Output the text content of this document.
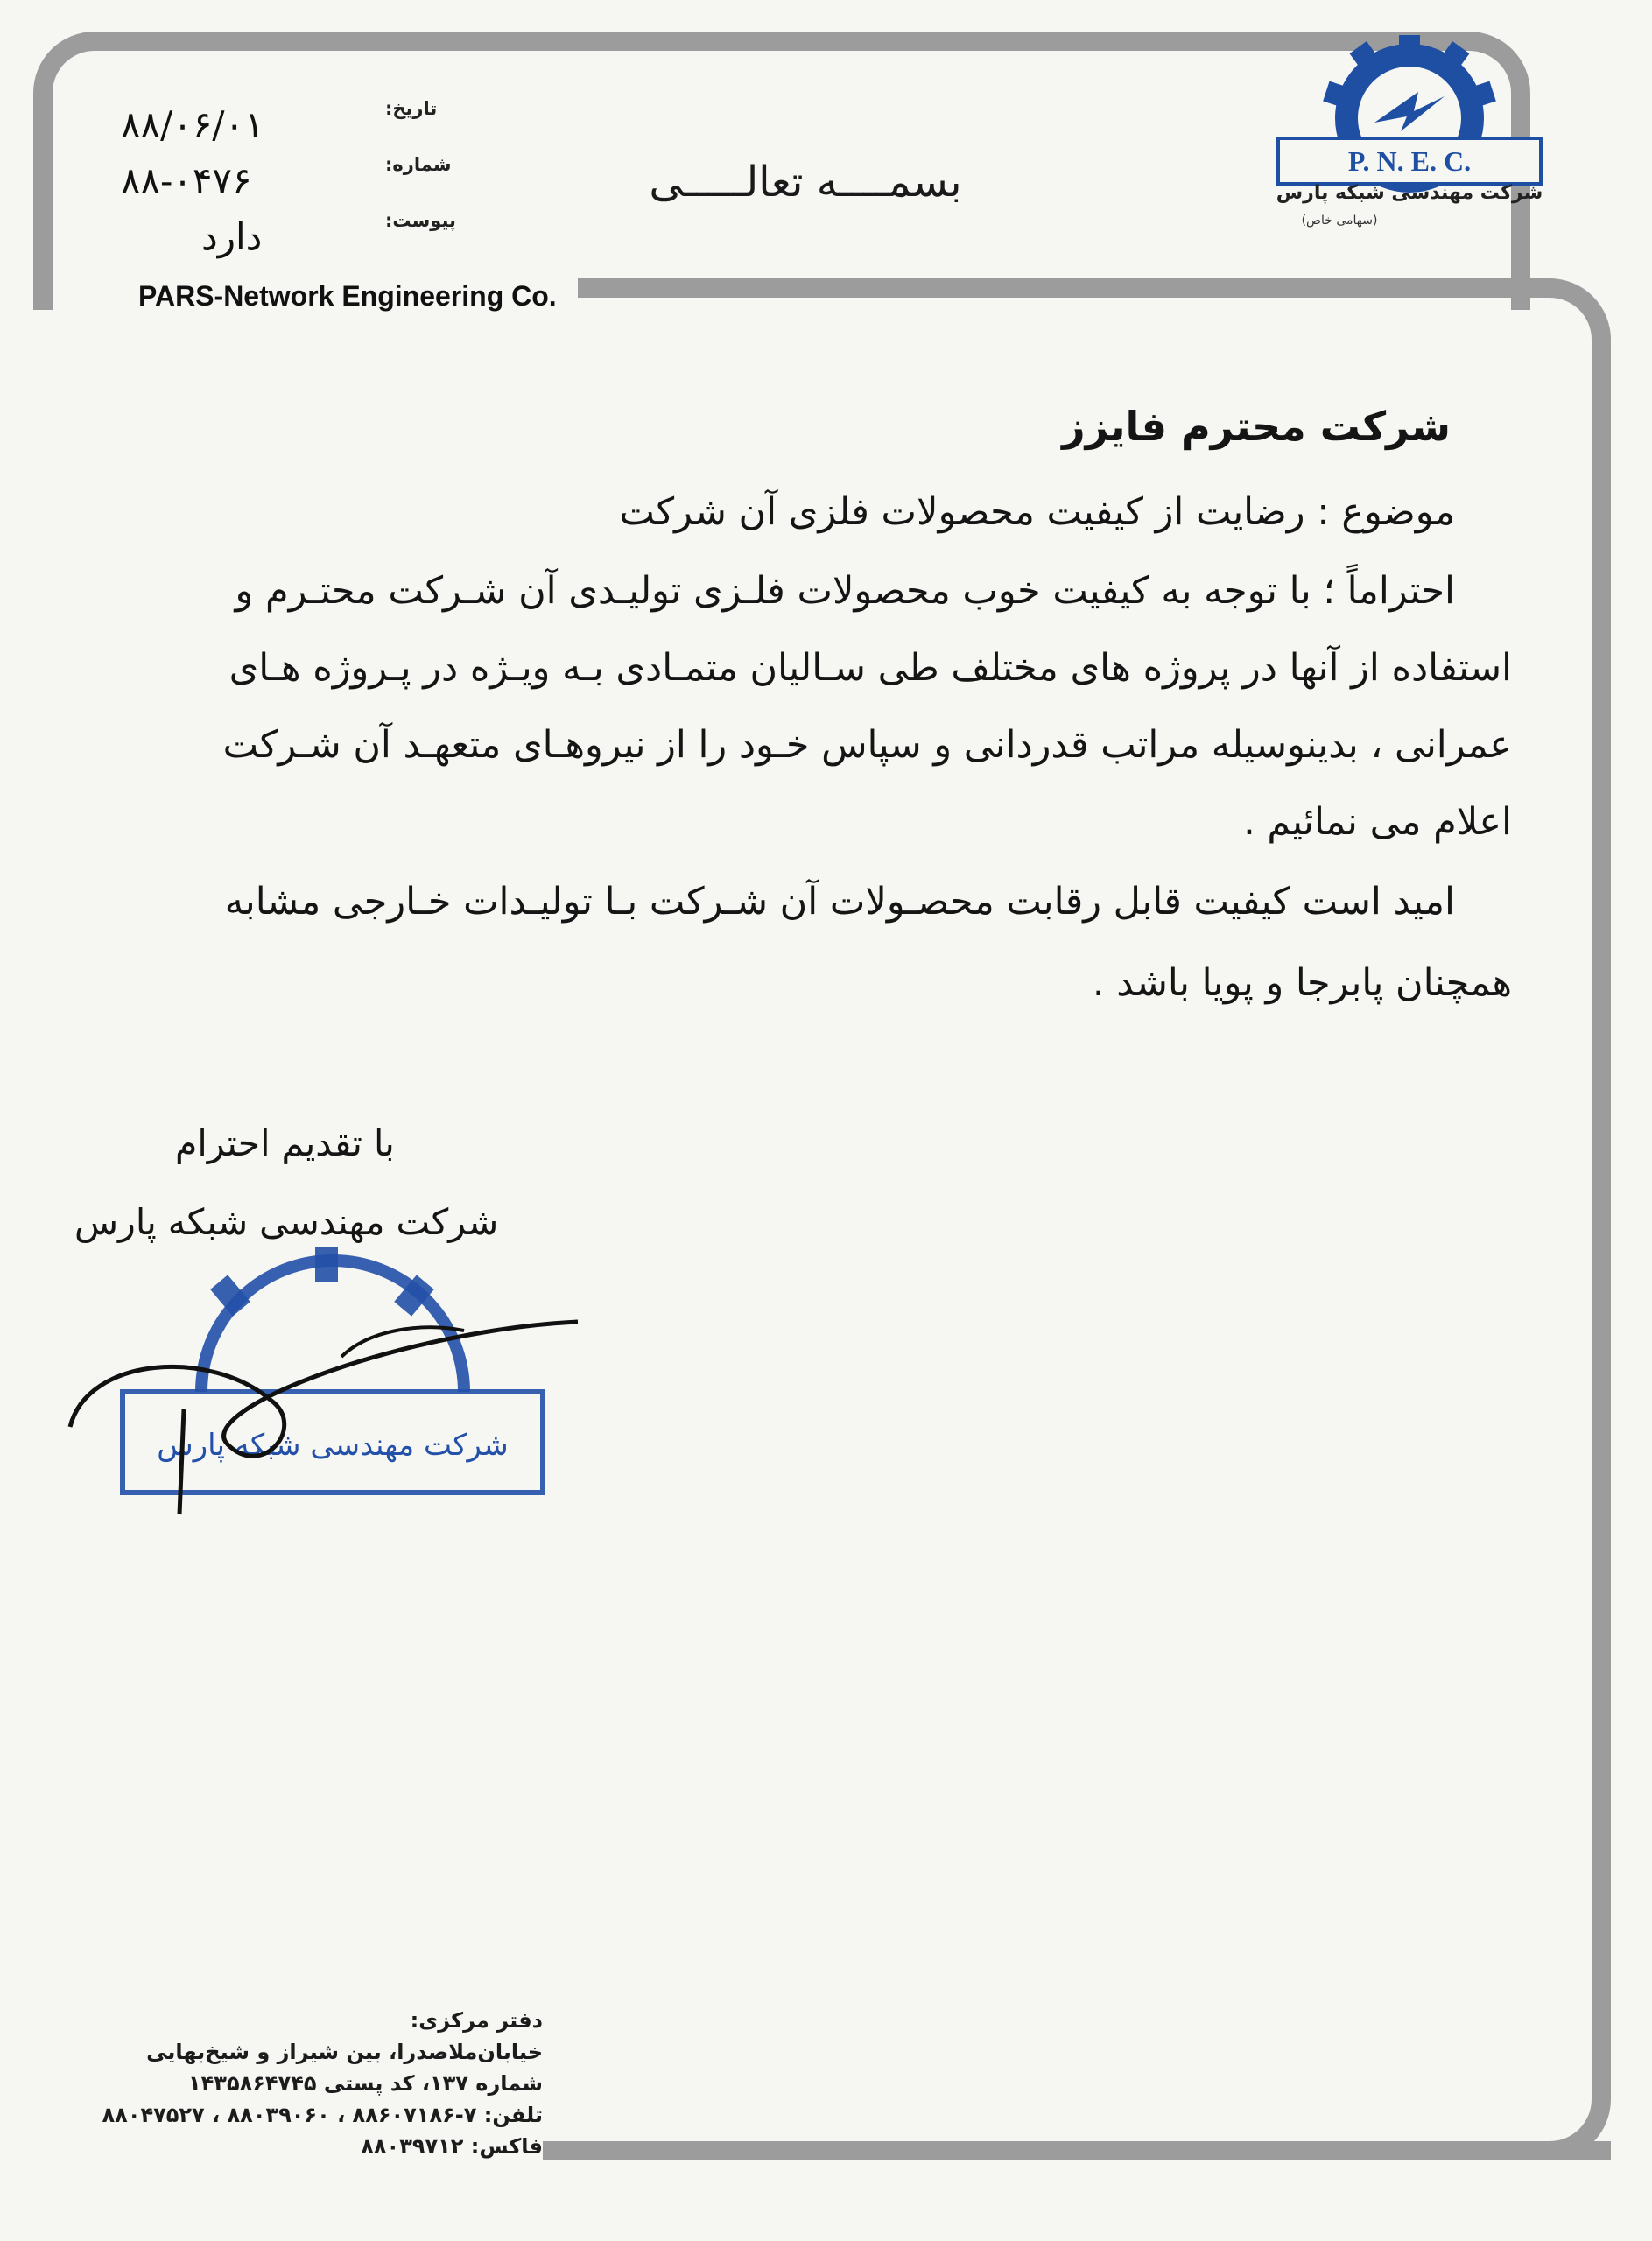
PARS-Network Engineering Co.
P. N. E. C.
شرکت مهندسی شبکه پارس
(سهامی خاص)
بسمــــه تعالـــــی
تاریخ:
شماره:
پیوست:
۸۸/۰۶/۰۱
۸۸-۰۴۷۶
دارد
شرکت محترم فایزز
موضوع : رضایت از کیفیت محصولات فلزی آن شرکت
احتراماً ؛ با توجه به کیفیت خوب محصولات فلـزی تولیـدی آن شـرکت محتـرم و
استفاده از آنها در پروژه های مختلف طی سـالیان متمـادی بـه ویـژه در پـروژه هـای
عمرانی ، بدینوسیله مراتب قدردانی و سپاس خـود را از نیروهـای متعهـد آن شـرکت
اعلام می نمائیم .
امید است کیفیت قابل رقابت محصـولات آن شـرکت بـا تولیـدات خـارجی مشابه
همچنان پابرجا و پویا باشد .
با تقدیم احترام
شرکت مهندسی شبکه پارس
شرکت مهندسی شبکه پارس
دفتر مرکزی:
خیابان‌ملاصدرا، بین شیراز و شیخ‌بهایی
شماره ۱۳۷، کد پستی ۱۴۳۵۸۶۴۷۴۵
تلفن: ۷-۸۸۶۰۷۱۸۶ ، ۸۸۰۳۹۰۶۰ ، ۸۸۰۴۷۵۲۷
فاکس: ۸۸۰۳۹۷۱۲
